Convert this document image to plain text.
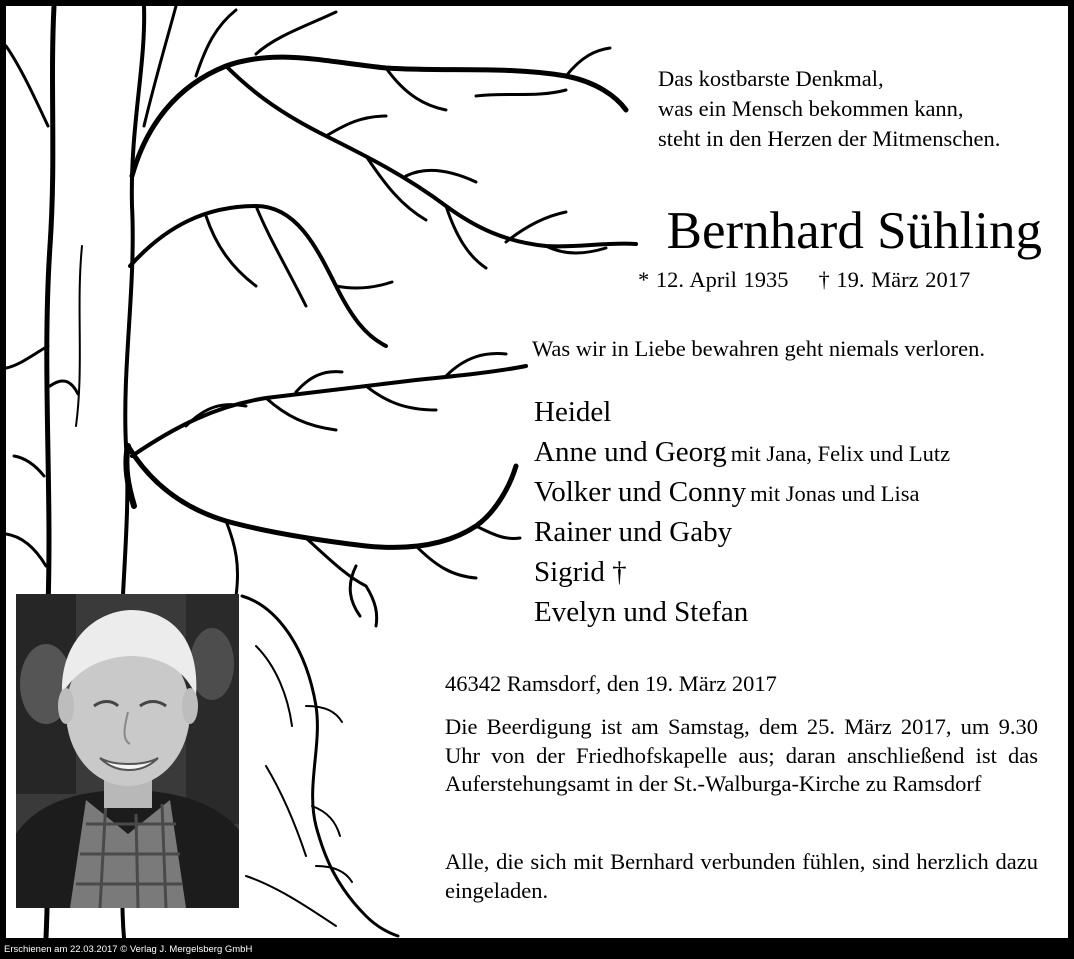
Das kostbarste Denkmal,
was ein Mensch bekommen kann,
steht in den Herzen der Mitmenschen.
Bernhard Sühling
* 12. April 1935 † 19. März 2017
Was wir in Liebe bewahren geht niemals verloren.
Heidel
Anne und Georg mit Jana, Felix und Lutz
Volker und Conny mit Jonas und Lisa
Rainer und Gaby
Sigrid †
Evelyn und Stefan
46342 Ramsdorf, den 19. März 2017
Die Beerdigung ist am Samstag, dem 25. März 2017, um 9.30 Uhr von der Friedhofskapelle aus; daran anschließend ist das Auferstehungsamt in der St.-Walburga-Kirche zu Ramsdorf
Alle, die sich mit Bernhard verbunden fühlen, sind herzlich dazu eingeladen.
Erschienen am 22.03.2017 © Verlag J. Mergelsberg GmbH
